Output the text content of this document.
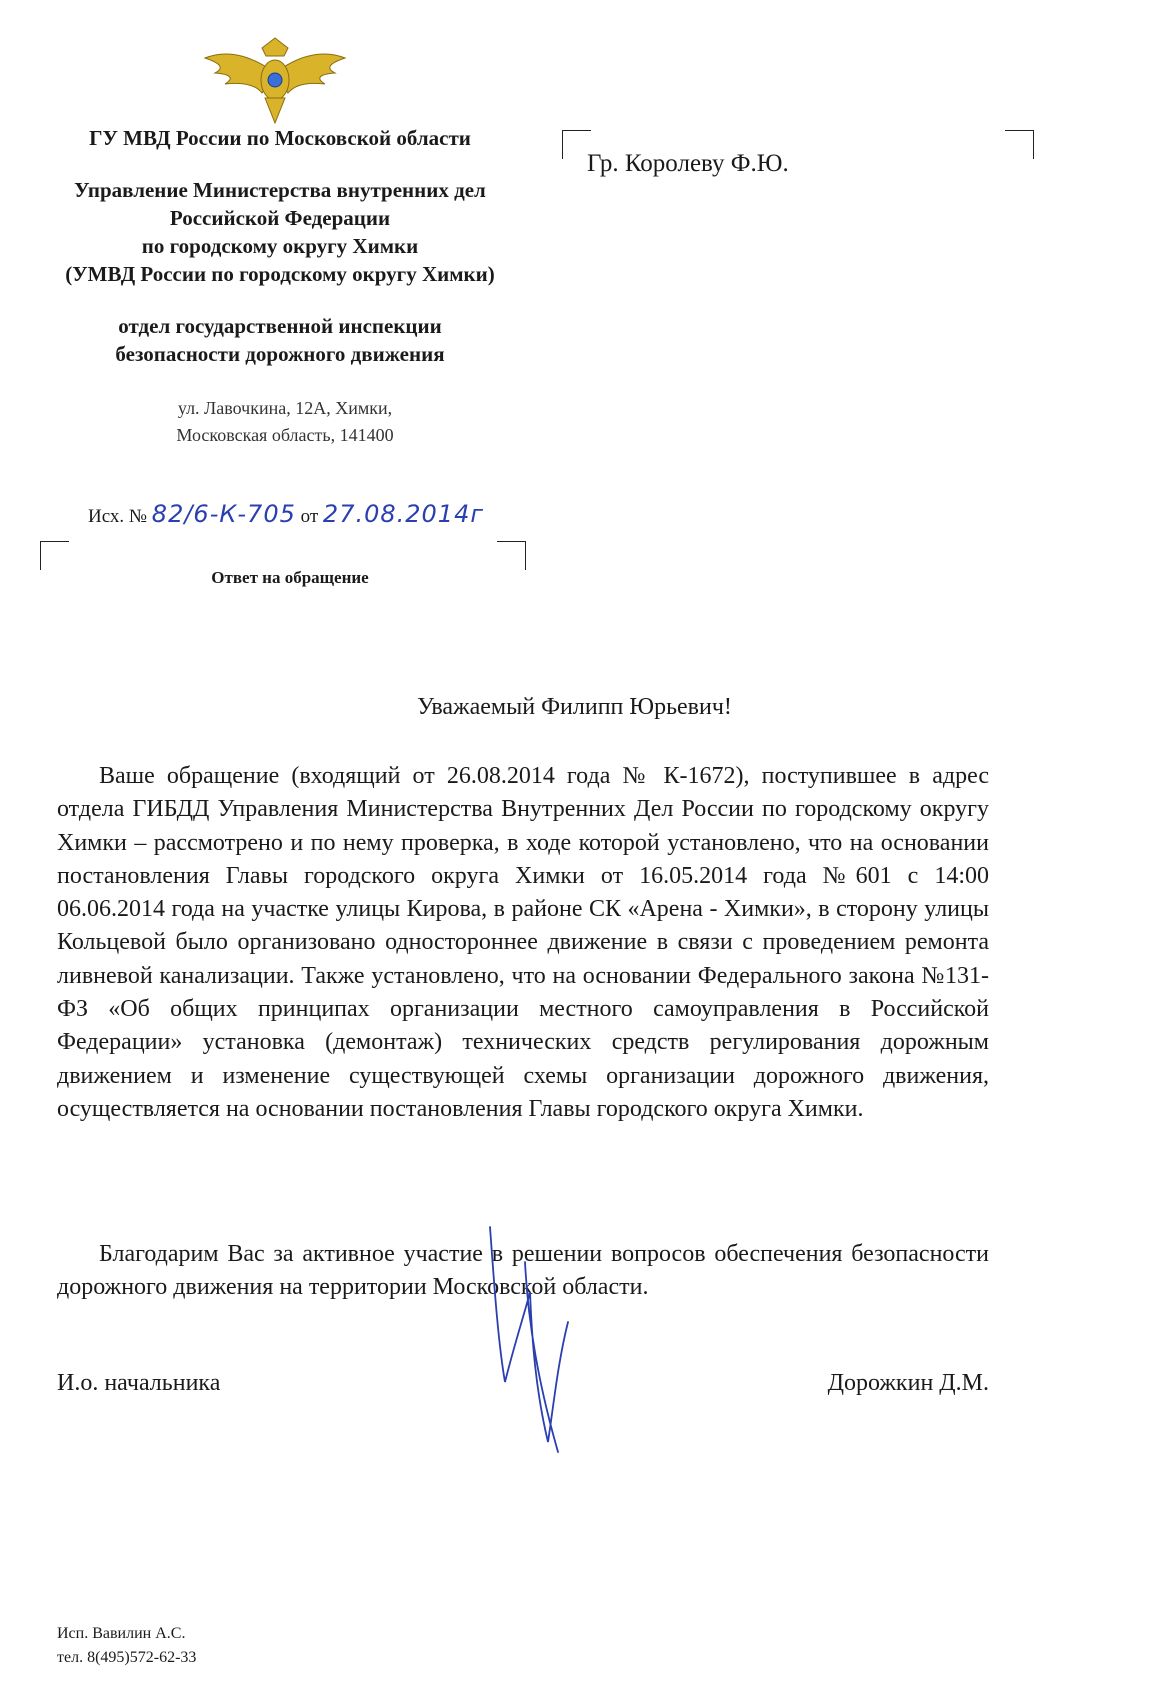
ГУ МВД России по Московской области
Управление Министерства внутренних дел
Российской Федерации
по городскому округу Химки
(УМВД России по городскому округу Химки)
отдел государственной инспекции
безопасности дорожного движения
ул. Лавочкина, 12А, Химки,
Московская область, 141400
Исх. № 82/6-К-705 от 27.08.2014г
Ответ на обращение
Гр. Королеву Ф.Ю.
Уважаемый Филипп Юрьевич!

Ваше обращение (входящий от 26.08.2014 года № К-1672), поступившее в адрес отдела ГИБДД Управления Министерства Внутренних Дел России по городскому округу Химки – рассмотрено и по нему проверка, в ходе которой установлено, что на основании постановления Главы городского округа Химки от 16.05.2014 года №601 с 14:00 06.06.2014 года на участке улицы Кирова, в районе СК «Арена - Химки», в сторону улицы Кольцевой было организовано одностороннее движение в связи с проведением ремонта ливневой канализации. Также установлено, что на основании Федерального закона №131-ФЗ «Об общих принципах организации местного самоуправления в Российской Федерации» установка (демонтаж) технических средств регулирования дорожным движением и изменение существующей схемы организации дорожного движения, осуществляется на основании постановления Главы городского округа Химки.

Благодарим Вас за активное участие в решении вопросов обеспечения безопасности дорожного движения на территории Московской области.

И.о. начальника	Дорожкин Д.М.
Исп. Вавилин А.С.
тел. 8(495)572-62-33
